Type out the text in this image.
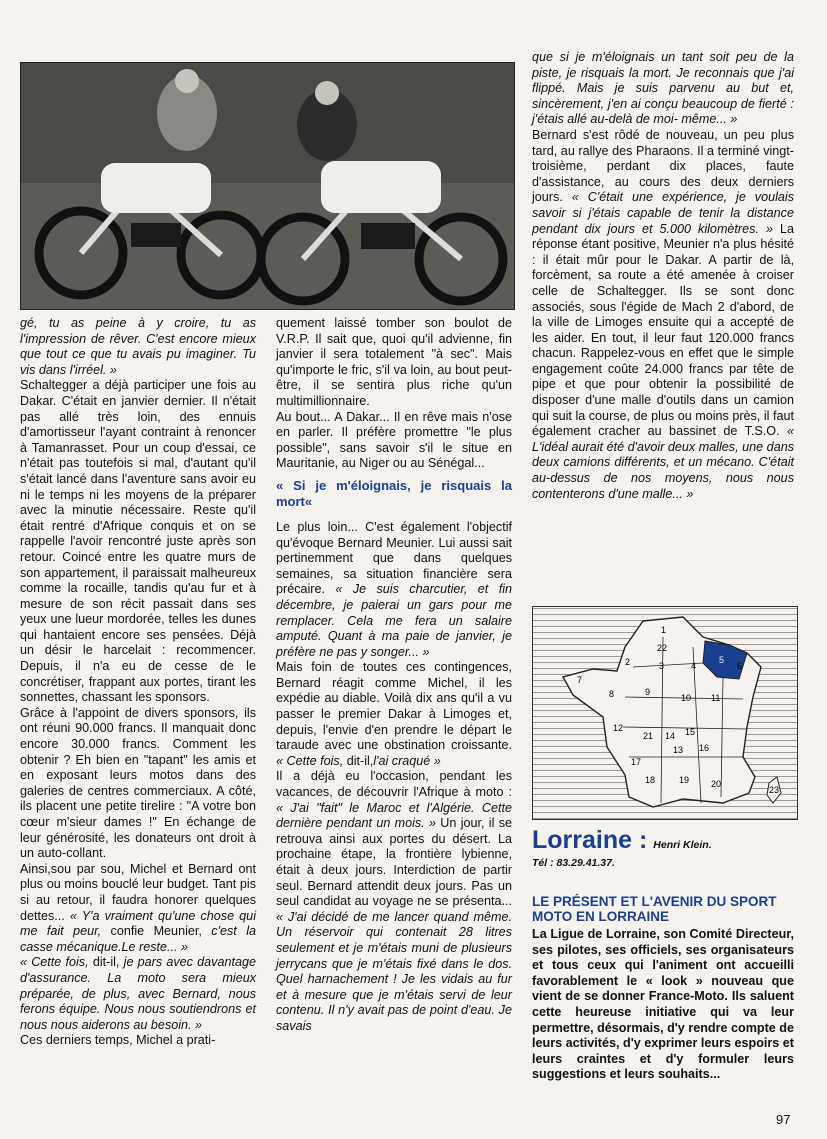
gé, tu as peine à y croire, tu as l'impression de rêver. C'est encore mieux que tout ce que tu avais pu imaginer. Tu vis dans l'irréel. »

Schaltegger a déjà participer une fois au Dakar. C'était en janvier dernier. Il n'était pas allé très loin, des ennuis d'amortisseur l'ayant contraint à renoncer à Tamanrasset. Pour un coup d'essai, ce n'était pas toutefois si mal, d'autant qu'il s'était lancé dans l'aventure sans avoir eu ni le temps ni les moyens de la préparer avec la minutie nécessaire. Reste qu'il était rentré d'Afrique conquis et on se rappelle l'avoir rencontré juste après son retour. Coincé entre les quatre murs de son appartement, il paraissait malheureux comme la rocaille, tandis qu'au fur et à mesure de son récit passait dans ses yeux une lueur mordorée, telles les dunes qui hantaient encore ses pensées. Déjà un désir le harcelait : recommencer. Depuis, il n'a eu de cesse de le concrétiser, frappant aux portes, tirant les sonnettes, chassant les sponsors.

Grâce à l'appoint de divers sponsors, ils ont réuni 90.000 francs. Il manquait donc encore 30.000 francs. Comment les obtenir ? Eh bien en "tapant" les amis et en exposant leurs motos dans des galeries de centres commerciaux. A côté, ils placent une petite tirelire : "A votre bon cœur m'sieur dames !" En échange de leur générosité, les donateurs ont droit à un auto-collant.

Ainsi,sou par sou, Michel et Bernard ont plus ou moins bouclé leur budget. Tant pis si au retour, il faudra honorer quelques dettes... « Y'a vraiment qu'une chose qui me fait peur, confie Meunier, c'est la casse mécanique.Le reste... »

« Cette fois, dit-il, je pars avec davantage d'assurance. La moto sera mieux préparée, de plus, avec Bernard, nous ferons équipe. Nous nous soutiendrons et nous nous aiderons au besoin. »

Ces derniers temps, Michel a prati-

quement laissé tomber son boulot de V.R.P. Il sait que, quoi qu'il advienne, fin janvier il sera totalement "à sec". Mais qu'importe le fric, s'il va loin, au bout peut-être, il se sentira plus riche qu'un multimillionnaire.

Au bout... A Dakar... Il en rêve mais n'ose en parler. Il préfère promettre "le plus possible", sans savoir s'il le situe en Mauritanie, au Niger ou au Sénégal...

« Si je m'éloignais, je risquais la mort«

Le plus loin... C'est également l'objectif qu'évoque Bernard Meunier. Lui aussi sait pertinemment que dans quelques semaines, sa situation financière sera précaire. « Je suis charcutier, et fin décembre, je paierai un gars pour me remplacer. Cela me fera un salaire amputé. Quant à ma paie de janvier, je préfère ne pas y songer... »

Mais foin de toutes ces contingences, Bernard réagit comme Michel, il les expédie au diable. Voilà dix ans qu'il a vu passer le premier Dakar à Limoges et, depuis, l'envie d'en prendre le départ le taraude avec une obstination croissante. « Cette fois, dit-il,l'ai craqué »

Il a déjà eu l'occasion, pendant les vacances, de découvrir l'Afrique à moto : « J'ai "fait" le Maroc et l'Algérie. Cette dernière pendant un mois. » Un jour, il se retrouva ainsi aux portes du désert. La prochaine étape, la frontière lybienne, était à deux jours. Interdiction de partir seul. Bernard attendit deux jours. Pas un seul candidat au voyage ne se présenta... « J'ai décidé de me lancer quand même. Un réservoir qui contenait 28 litres seulement et je m'étais muni de plusieurs jerrycans que je m'étais fixé dans le dos. Quel harnachement ! Je les vidais au fur et à mesure que je m'étais servi de leur contenu. Il n'y avait pas de point d'eau. Je savais

que si je m'éloignais un tant soit peu de la piste, je risquais la mort. Je reconnais que j'ai flippé. Mais je suis parvenu au but et, sincèrement, j'en ai conçu beaucoup de fierté : j'étais allé au-delà de moi- même... »

Bernard s'est rôdé de nouveau, un peu plus tard, au rallye des Pharaons. Il a terminé vingt-troisième, perdant dix places, faute d'assistance, au cours des deux derniers jours. « C'était une expérience, je voulais savoir si j'étais capable de tenir la distance pendant dix jours et 5.000 kilomètres. » La réponse étant positive, Meunier n'a plus hésité : il était mûr pour le Dakar. A partir de là, forcèment, sa route a été amenée à croiser celle de Schaltegger. Ils se sont donc associés, sous l'égide de Mach 2 d'abord, de la ville de Limoges ensuite qui a accepté de les aider. En tout, il leur faut 120.000 francs chacun. Rappelez-vous en effet que le simple engagement coûte 24.000 francs par tête de pipe et que pour obtenir la possibilité de disposer d'une malle d'outils dans un camion qui suit la course, de plus ou moins près, il faut également cracher au bassinet de T.S.O. « L'idéal aurait été d'avoir deux malles, une dans deux camions différents, et un mécano. C'était au-dessus de nos moyens, nous nous contenterons d'une malle... »

1
22
2	3	4
5
6
7
8	9
10 11
12
21 14
13
15
16
17
18	19 20
23
Lorraine : Henri Klein.
Tél : 83.29.41.37.

LE PRÉSENT ET L'AVENIR DU SPORT MOTO EN LORRAINE

La Ligue de Lorraine, son Comité Directeur, ses pilotes, ses officiels, ses organisateurs et tous ceux qui l'animent ont accueilli favorablement le « look » nouveau que vient de se donner France-Moto. Ils saluent cette heureuse initiative qui va leur permettre, désormais, d'y rendre compte de leurs activités, d'y exprimer leurs espoirs et leurs craintes et d'y formuler leurs suggestions et leurs souhaits...

97
